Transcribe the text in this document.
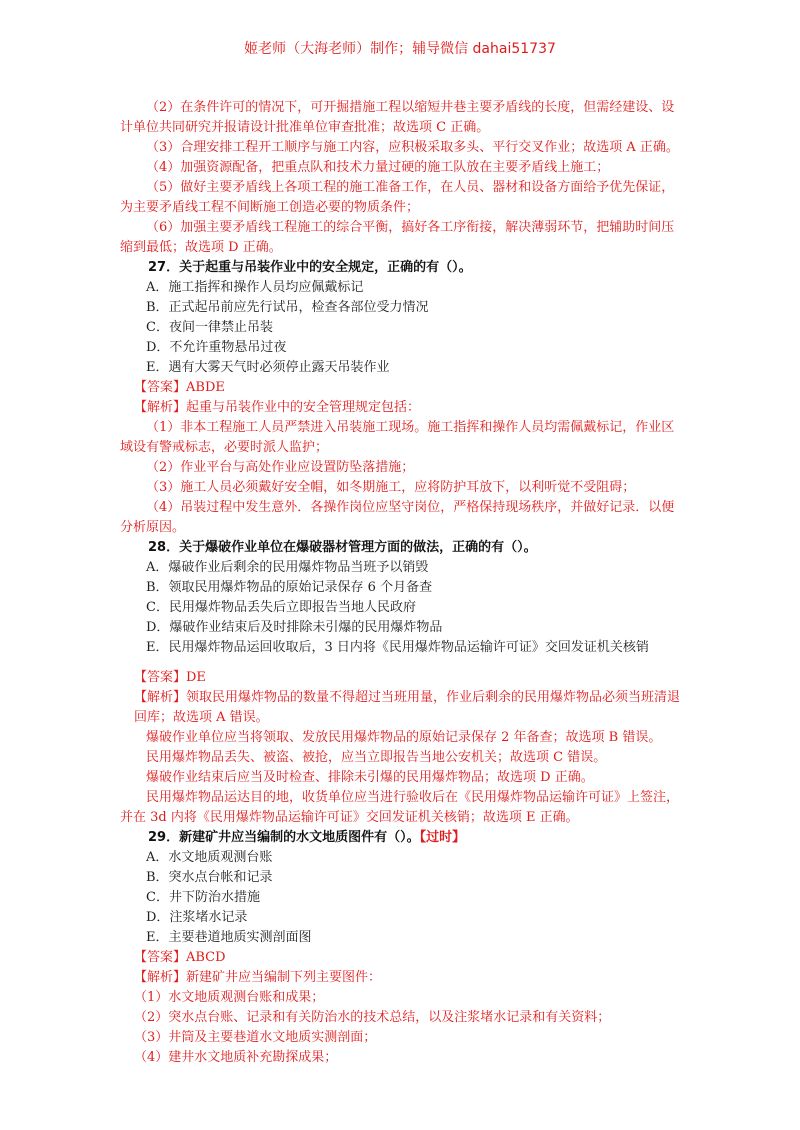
姬老师（大海老师）制作；辅导微信 dahai51737

（2）在条件许可的情况下，可开掘措施工程以缩短井巷主要矛盾线的长度，但需经建设、设计单位共同研究并报请设计批准单位审查批准；故选项 C 正确。

（3）合理安排工程开工顺序与施工内容，应积极采取多头、平行交叉作业；故选项 A 正确。

（4）加强资源配备，把重点队和技术力量过硬的施工队放在主要矛盾线上施工；

（5）做好主要矛盾线上各项工程的施工准备工作，在人员、器材和设备方面给予优先保证，为主要矛盾线工程不间断施工创造必要的物质条件；

（6）加强主要矛盾线工程施工的综合平衡，搞好各工序衔接，解决薄弱环节，把辅助时间压缩到最低；故选项 D 正确。

27．关于起重与吊装作业中的安全规定，正确的有（）。

A．施工指挥和操作人员均应佩戴标记

B．正式起吊前应先行试吊，检查各部位受力情况

C．夜间一律禁止吊装

D．不允许重物悬吊过夜

E．遇有大雾天气时必须停止露天吊装作业

【答案】ABDE

【解析】起重与吊装作业中的安全管理规定包括：

（1）非本工程施工人员严禁进入吊装施工现场。施工指挥和操作人员均需佩戴标记，作业区域设有警戒标志，必要时派人监护；

（2）作业平台与高处作业应设置防坠落措施；

（3）施工人员必须戴好安全帽，如冬期施工，应将防护耳放下，以利听觉不受阻碍；

（4）吊装过程中发生意外．各操作岗位应坚守岗位，严格保持现场秩序，并做好记录．以便分析原因。

28．关于爆破作业单位在爆破器材管理方面的做法，正确的有（）。

A．爆破作业后剩余的民用爆炸物品当班予以销毁

B．领取民用爆炸物品的原始记录保存 6 个月备查

C．民用爆炸物品丢失后立即报告当地人民政府

D．爆破作业结束后及时排除未引爆的民用爆炸物品

E．民用爆炸物品运回收取后，3 日内将《民用爆炸物品运输许可证》交回发证机关核销

【答案】DE

【解析】领取民用爆炸物品的数量不得超过当班用量，作业后剩余的民用爆炸物品必须当班清退回库；故选项 A 错误。

爆破作业单位应当将领取、发放民用爆炸物品的原始记录保存 2 年备查；故选项 B 错误。

民用爆炸物品丢失、被盗、被抢，应当立即报告当地公安机关；故选项 C 错误。

爆破作业结束后应当及时检查、排除未引爆的民用爆炸物品；故选项 D 正确。

民用爆炸物品运达目的地，收货单位应当进行验收后在《民用爆炸物品运输许可证》上签注，并在 3d 内将《民用爆炸物品运输许可证》交回发证机关核销；故选项 E 正确。

29．新建矿井应当编制的水文地质图件有（）。【过时】

A．水文地质观测台账

B．突水点台帐和记录

C．井下防治水措施

D．注浆堵水记录

E．主要巷道地质实测剖面图

【答案】ABCD

【解析】新建矿井应当编制下列主要图件：

（1）水文地质观测台账和成果；

（2）突水点台账、记录和有关防治水的技术总结，以及注浆堵水记录和有关资料；

（3）井筒及主要巷道水文地质实测剖面；

（4）建井水文地质补充勘探成果；
